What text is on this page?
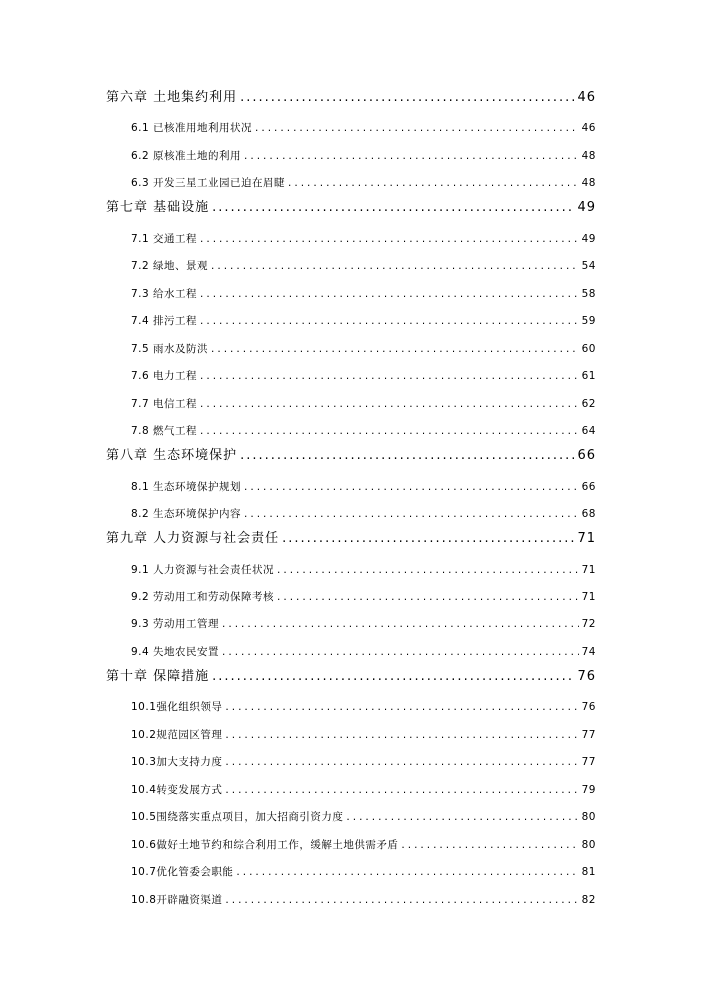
第六章 土地集约利用 .....	46
6.1 已核准用地利用状况 .....	46
6.2 原核准土地的利用 .....	48
6.3 开发三星工业园已迫在眉睫 .....	48
第七章 基础设施 .....	49
7.1 交通工程 .....	49
7.2 绿地、景观 .....	54
7.3 给水工程 .....	58
7.4 排污工程 .....	59
7.5 雨水及防洪 .....	60
7.6 电力工程 .....	61
7.7 电信工程 .....	62
7.8 燃气工程 .....	64
第八章 生态环境保护 .....	66
8.1 生态环境保护规划 .....	66
8.2 生态环境保护内容 .....	68
第九章 人力资源与社会责任 .....	71
9.1 人力资源与社会责任状况 .....	71
9.2 劳动用工和劳动保障考核 .....	71
9.3 劳动用工管理 .....	72
9.4 失地农民安置 .....	74
第十章 保障措施 .....	76
10.1强化组织领导 .....	76
10.2规范园区管理 .....	77
10.3加大支持力度 .....	77
10.4转变发展方式 .....	79
10.5围绕落实重点项目，加大招商引资力度 .....	80
10.6做好土地节约和综合利用工作，缓解土地供需矛盾 .....	80
10.7优化管委会职能 .....	81
10.8开辟融资渠道 .....	82
